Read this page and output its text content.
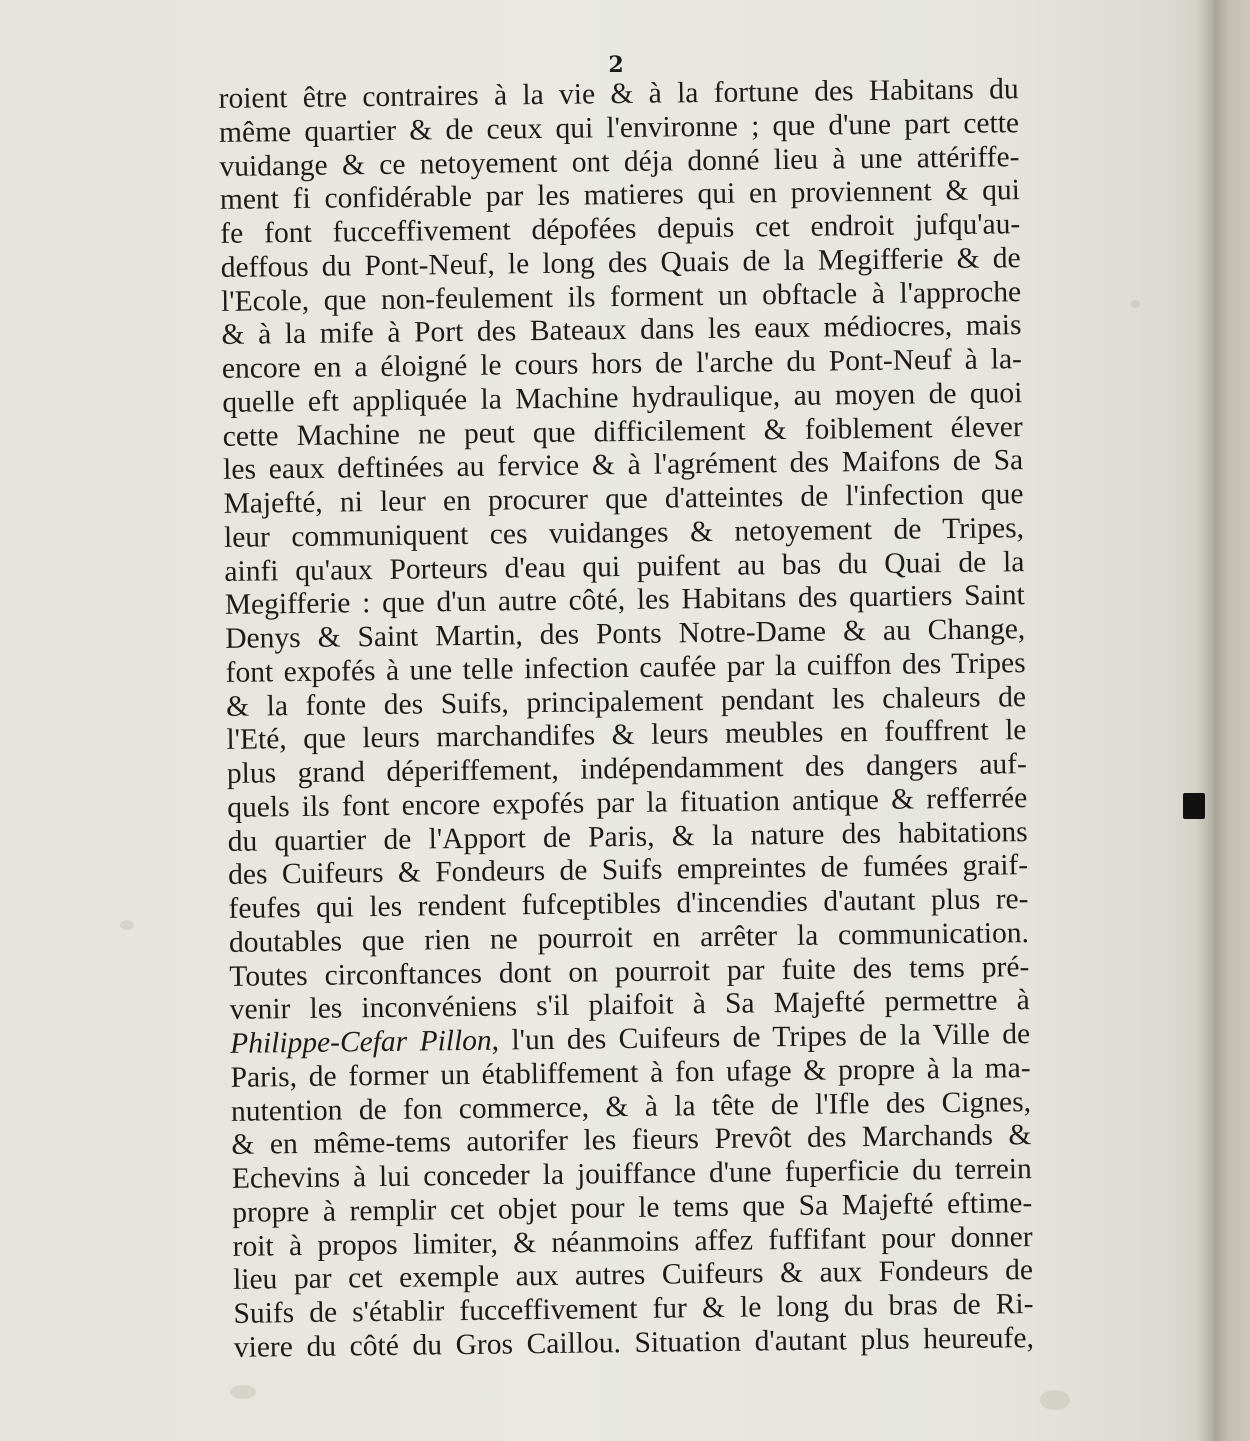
2
roient être contraires à la vie & à la fortune des Habitans du
même quartier & de ceux qui l'environne ; que d'une part cette
vuidange & ce netoyement ont déja donné lieu à une attériffe-
ment fi confidérable par les matieres qui en proviennent & qui
fe font fucceffivement dépofées depuis cet endroit jufqu'au-
deffous du Pont-Neuf, le long des Quais de la Megifferie & de
l'Ecole, que non-feulement ils forment un obftacle à l'approche
& à la mife à Port des Bateaux dans les eaux médiocres, mais
encore en a éloigné le cours hors de l'arche du Pont-Neuf à la-
quelle eft appliquée la Machine hydraulique, au moyen de quoi
cette Machine ne peut que difficilement & foiblement élever
les eaux deftinées au fervice & à l'agrément des Maifons de Sa
Majefté, ni leur en procurer que d'atteintes de l'infection que
leur communiquent ces vuidanges & netoyement de Tripes,
ainfi qu'aux Porteurs d'eau qui puifent au bas du Quai de la
Megifferie : que d'un autre côté, les Habitans des quartiers Saint
Denys & Saint Martin, des Ponts Notre-Dame & au Change,
font expofés à une telle infection caufée par la cuiffon des Tripes
& la fonte des Suifs, principalement pendant les chaleurs de
l'Eté, que leurs marchandifes & leurs meubles en fouffrent le
plus grand déperiffement, indépendamment des dangers auf-
quels ils font encore expofés par la fituation antique & refferrée
du quartier de l'Apport de Paris, & la nature des habitations
des Cuifeurs & Fondeurs de Suifs empreintes de fumées graif-
feufes qui les rendent fufceptibles d'incendies d'autant plus re-
doutables que rien ne pourroit en arrêter la communication.
Toutes circonftances dont on pourroit par fuite des tems pré-
venir les inconvéniens s'il plaifoit à Sa Majefté permettre à
Philippe-Cefar Pillon, l'un des Cuifeurs de Tripes de la Ville de
Paris, de former un établiffement à fon ufage & propre à la ma-
nutention de fon commerce, & à la tête de l'Ifle des Cignes,
& en même-tems autorifer les fieurs Prevôt des Marchands &
Echevins à lui conceder la jouiffance d'une fuperficie du terrein
propre à remplir cet objet pour le tems que Sa Majefté eftime-
roit à propos limiter, & néanmoins affez fuffifant pour donner
lieu par cet exemple aux autres Cuifeurs & aux Fondeurs de
Suifs de s'établir fucceffivement fur & le long du bras de Ri-
viere du côté du Gros Caillou. Situation d'autant plus heureufe,
